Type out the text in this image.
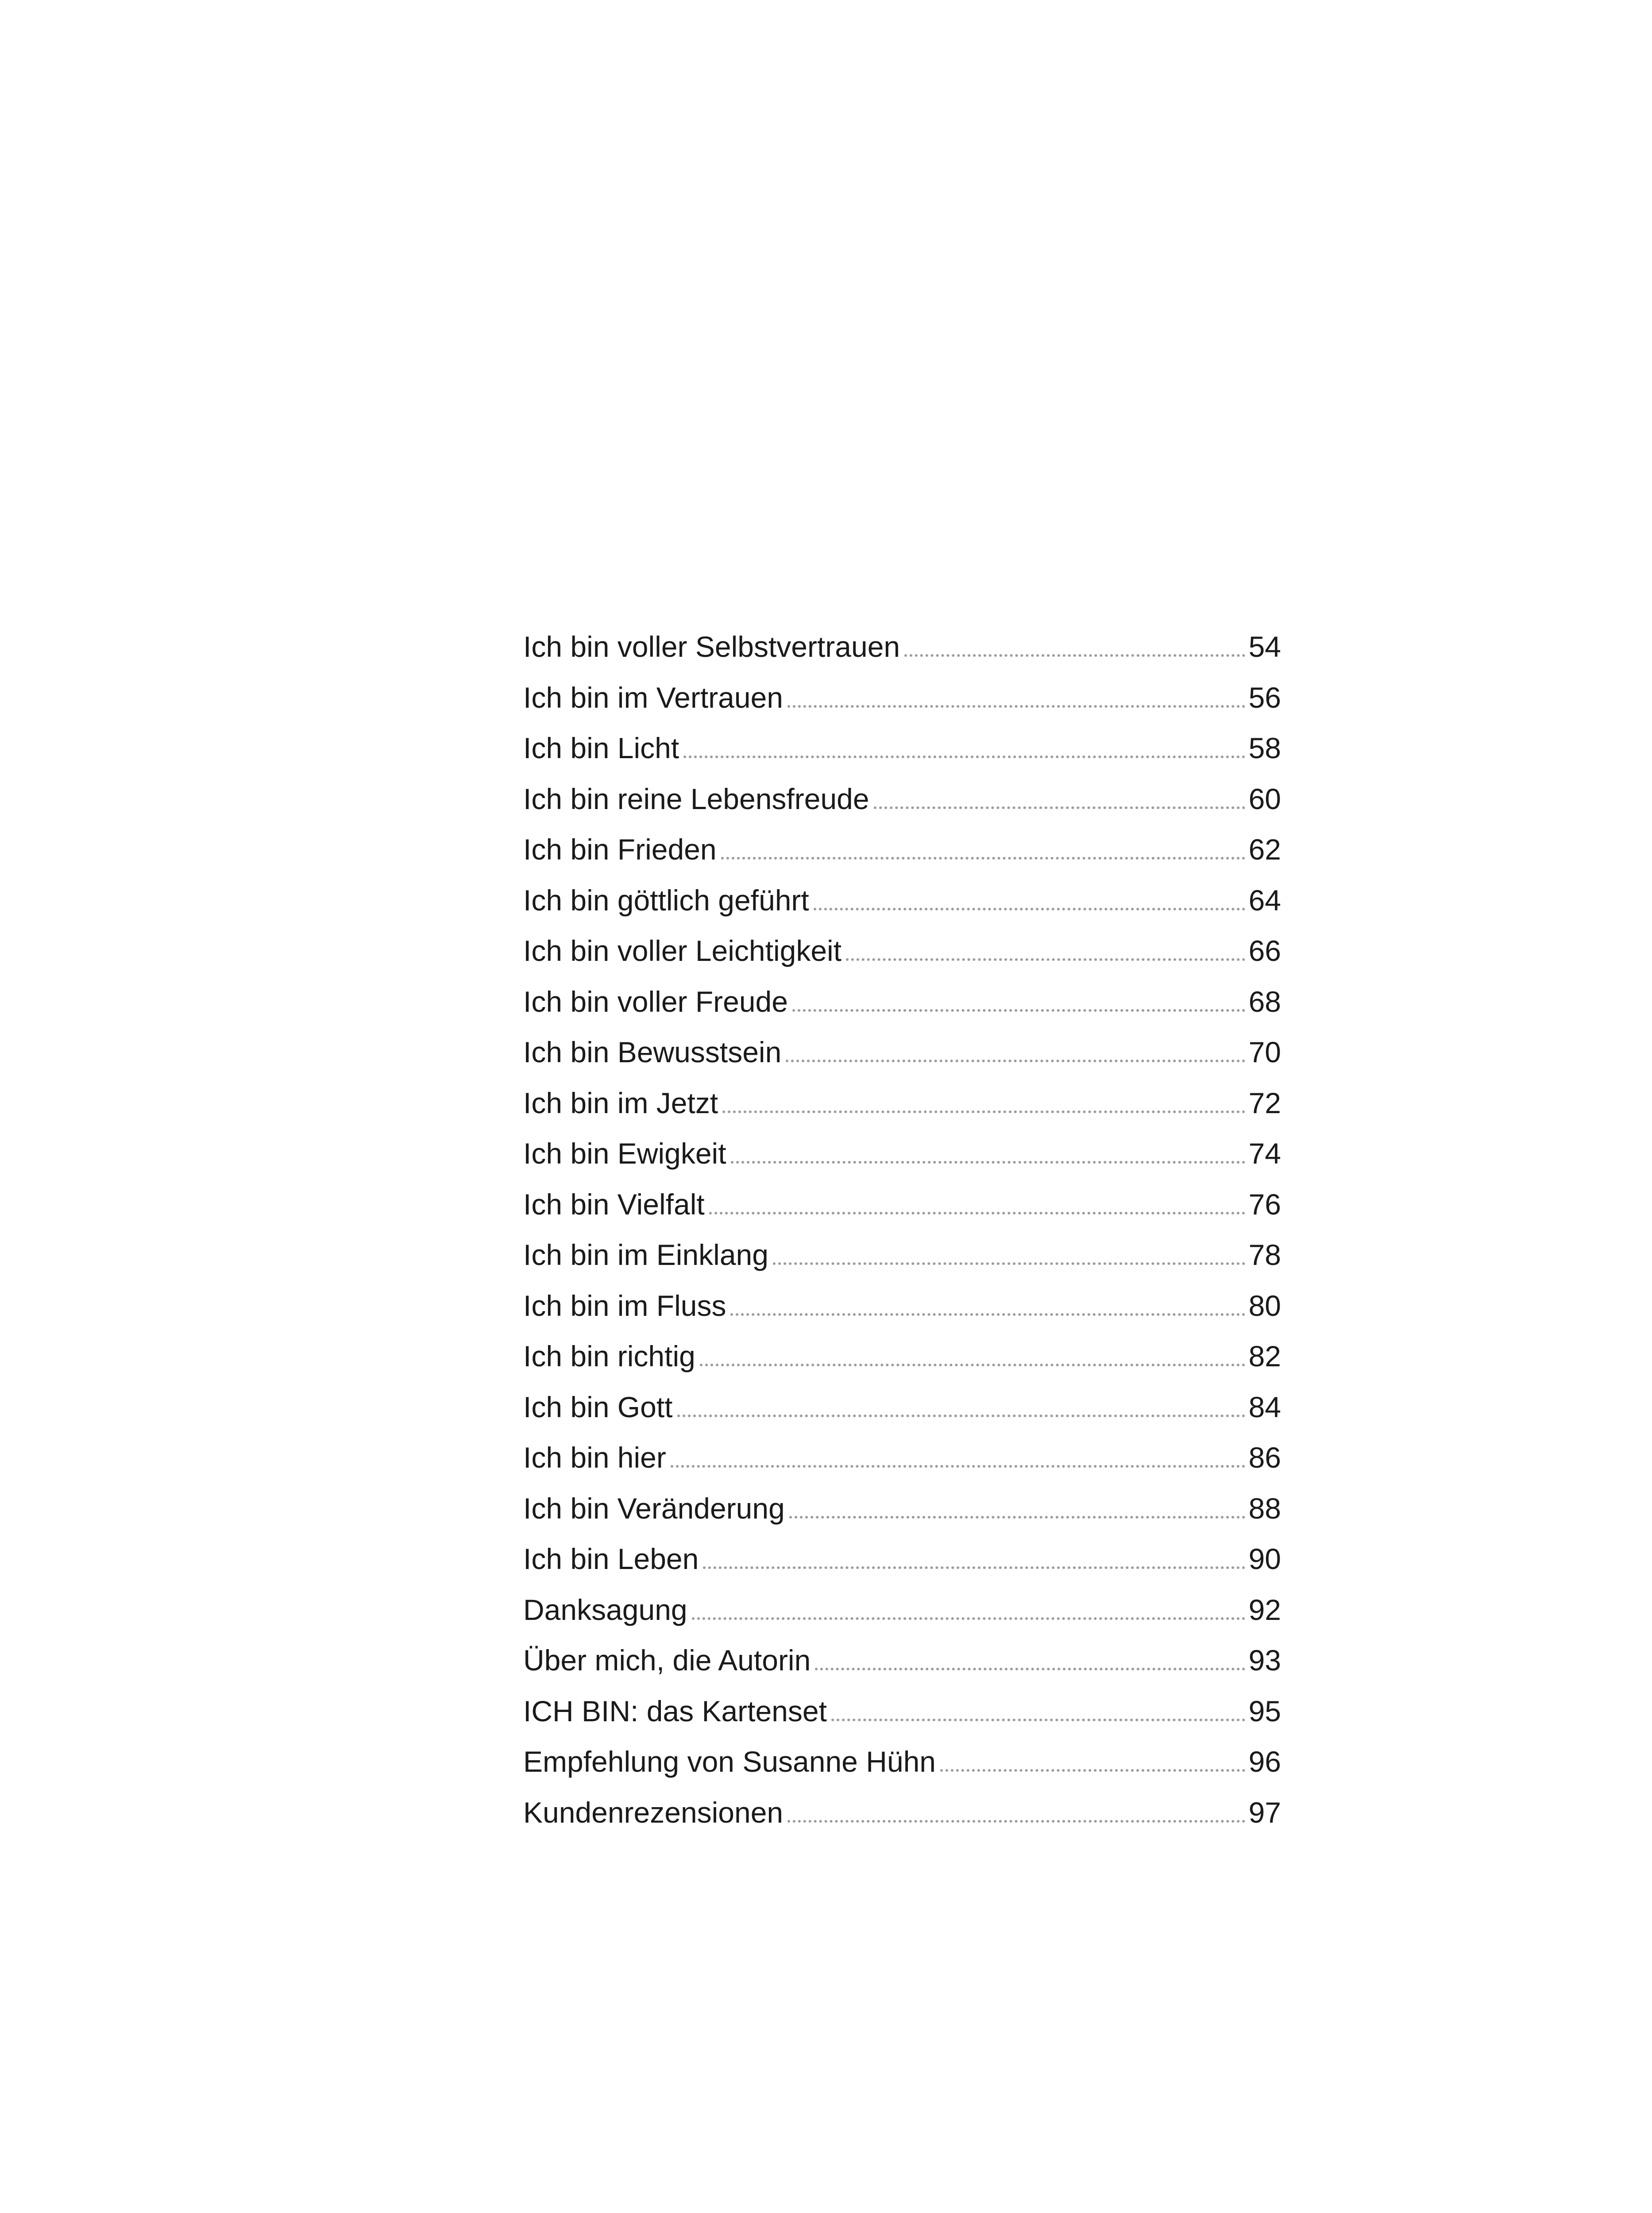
Ich bin voller Selbstvertrauen	54
Ich bin im Vertrauen	56
Ich bin Licht	58
Ich bin reine Lebensfreude	60
Ich bin Frieden	62
Ich bin göttlich geführt	64
Ich bin voller Leichtigkeit	66
Ich bin voller Freude	68
Ich bin Bewusstsein	70
Ich bin im Jetzt	72
Ich bin Ewigkeit	74
Ich bin Vielfalt	76
Ich bin im Einklang	78
Ich bin im Fluss	80
Ich bin richtig	82
Ich bin Gott	84
Ich bin hier	86
Ich bin Veränderung	88
Ich bin Leben	90
Danksagung	92
Über mich, die Autorin	93
ICH BIN: das Kartenset	95
Empfehlung von Susanne Hühn	96
Kundenrezensionen	97
